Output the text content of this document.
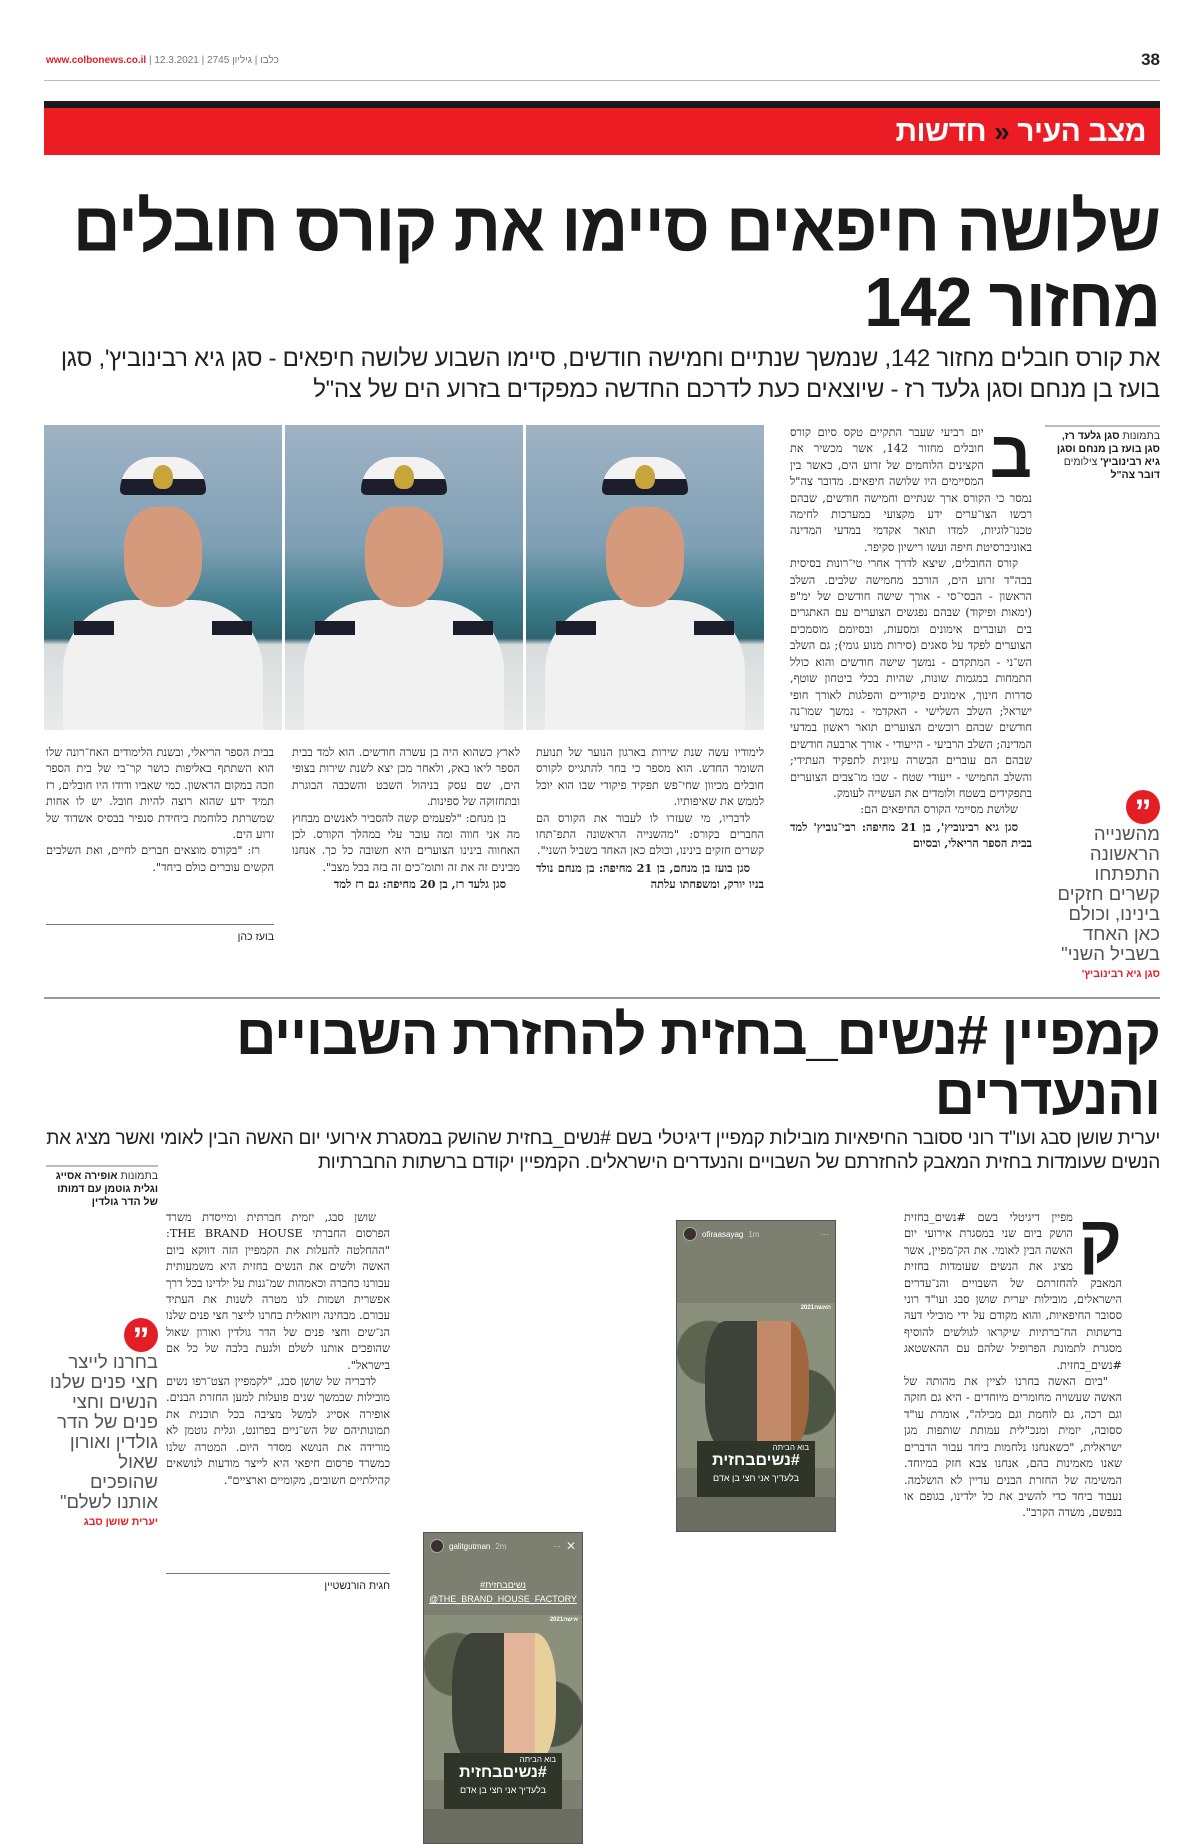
www.colbonews.co.il |	כלבו | גיליון 2745 | 12.3.2021	38
מצב העיר
«
חדשות
שלושה חיפאים סיימו את קורס חובלים מחזור 142
את קורס חובלים מחזור 142, שנמשך שנתיים וחמישה חודשים, סיימו השבוע שלושה חיפאים - סגן גיא רבינוביץ', סגן בועז בן מנחם וסגן גלעד רז - שיוצאים כעת לדרכם החדשה כמפקדים בזרוע הים של צה"ל
ב

יום רביעי שעבר התקיים טקס סיום קורס חובלים מחזור 142, אשר מכשיר את הקצינים הלוחמים של זרוע הים, כאשר בין המסיימים היו שלושה חיפאים. מדובר צה"ל נמסר כי הקורס ארך שנתיים וחמישה חודשים, שבהם רכשו הצו־ערים ידע מקצועי במערכות לחימה טכנו־לוגיות, למדו תואר אקדמי במדעי המדינה באוניברסיטת חיפה ועשו רישיון סקיפר.

קורס החובלים, שיצא לדרך אחרי טי־רונות בסיסית בבה"ד זרוע הים, הורכב מחמישה שלבים. השלב הראשון - הבסי־סי - אורך שישה חודשים של ימ"פ (ימאות ופיקוד) שבהם נפגשים הצוערים עם האתגרים בים ועוברים אימונים ומסעות, ובסיומם מוסמכים הצוערים לפקד על סאגים (סירות מנוע גומי); גם השלב הש־ני - המתקדם - נמשך שישה חודשים והוא כולל התמחות במגמות שונות, שהיות בכלי ביטחון שוטף, סדרות חינוך, אימונים פיקודיים והפלגות לאורך חופי ישראל; השלב השלישי - האקדמי - נמשך שמו־נה חודשים שבהם רוכשים הצוערים תואר ראשון במדעי המדינה; השלב הרביעי - הייעודי - אורך ארבעה חודשים שבהם הם עוברים הכשרה עיונית לתפקיד העתידי; והשלב החמישי - ייעודי שטח - שבו מו־צבים הצוערים בתפקידים בשטח ולומדים את העשייה לעומק.

שלושת מסיימי הקורס החיפאים הם:

סגן גיא רבינוביץ', בן 21 מחיפה: רבי־נוביץ' למד בבית הספר הריאלי, ובסיום

בתמונות סגן גלעד רז, סגן בועז בן מנחם וסגן גיא רבינוביץ' צילומים דובר צה"ל
”
מהשנייה הראשונה התפתחו קשרים חזקים בינינו, וכולם כאן האחד בשביל השני"
סגן גיא רבינוביץ'

לימודיו עשה שנת שירות בארגון הנוער של תנועת השומר החדש. הוא מספר כי בחר להתגייס לקורס חובלים מכיוון שחי־פש תפקיד פיקודי שבו הוא יוכל לממש את שאיפותיו.

לדבריו, מי שעזרו לו לעבור את הקורס הם החברים בקורס: "מהשנייה הראשונה התפ־תחו קשרים חזקים בינינו, וכולם כאן האחד בשביל השני".

סגן בועז בן מנחם, בן 21 מחיפה: בן מנחם נולד בניו יורק, ומשפחתו עלתה

לארץ כשהוא היה בן עשרה חודשים. הוא למד בבית הספר ליאו באק, ולאחר מכן יצא לשנת שירות בצופי הים, שם עסק בניהול השבט והשכבה הבוגרת ובתחזוקה של ספינות.

בן מנחם: "לפעמים קשה להסביר לאנשים מבחוץ מה אני חווה ומה עובר עלי במהלך הקורס. לכן האחווה בינינו הצוערים היא חשובה כל כך. אנחנו מבינים זה את זה ותומ־כים זה בזה בכל מצב".

סגן גלעד רז, בן 20 מחיפה: גם רז למד

בבית הספר הריאלי, ובשנת הלימודים האח־רונה שלו הוא השתתף באליפות כושר קר־בי של בית הספר וזכה במקום הראשון. כמי שאביו ודודו היו חובלים, רז תמיד ידע שהוא רוצה להיות חובל. יש לו אחות שמשרתת כלוחמת ביחידת סנפיר בבסיס אשדוד של זרוע הים.

רז: "בקורס מוצאים חברים לחיים, ואת השלבים הקשים עוברים כולם ביחד".

בועז כהן
קמפיין #נשים_בחזית להחזרת השבויים והנעדרים
יערית שושן סבג ועו"ד רוני ססובר החיפאיות מובילות קמפיין דיגיטלי בשם #נשים_בחזית שהושק במסגרת אירועי יום האשה הבין לאומי ואשר מציג את הנשים שעומדות בחזית המאבק להחזרתם של השבויים והנעדרים הישראלים. הקמפיין יקודם ברשתות החברתיות
ק

מפיין דיגיטלי בשם #נשים_בחזית הושק ביום שני במסגרת אירועי יום האשה הבין לאומי. את הק־מפיין, אשר מציג את הנשים שעומדות בחזית המאבק להחזרתם של השבויים והנ־עדרים הישראלים, מובילות יערית שושן סבג ועו"ד רוני ססובר החיפאיות, והוא מקודם על ידי מובילי דעה ברשתות הח־ברתיות שיקראו לגולשים להוסיף מסגרת לתמונת הפרופיל שלהם עם ההאשטאג #נשים_בחזית.

"ביום האשה בחרנו לציין את מהותה של האשה שעשויה מחומרים מיוחדים - היא גם חזקה וגם רכה, גם לוחמת וגם מכילה", אומרת עו"ד ססובה, יזמית ומנכ"לית עמותת שותפות מגן ישראלית, "כשאנחנו נלחמות ביחד עבור הדברים שאנו מאמינות בהם, אנחנו צבא חזק במיוחד. המשימה של החזרת הבנים עדיין לא הושלמה. נעבוד ביחד כדי להשיב את כל ילדינו, בגופם או בנפשם, משדה הקרב".

2021האשה
ofiraasayag 1m	···
בוא הביתה
#נשיםבחזית
בלעדיך אני חצי בן אדם
אישה2021
galitgutman 2m	··· ✕
#נשיםבחזית
@THE_BRAND_HOUSE_FACTORY
בוא הביתה
#נשיםבחזית
בלעדיך אני חצי בן אדם

שושן סבג, יזמית חברתית ומייסדת משרד הפרסום החברתי THE BRAND HOUSE: "ההחלטה להעלות את הקמפיין הזה דווקא ביום האשה ולשים את הנשים בחזית היא משמעותית עבורנו כחברה וכאמהות שמ־גנות על ילדינו בכל דרך אפשרית ושמות לנו מטרה לשנות את העתיד עבורם. מבחינה ויזואלית בחרנו לייצר חצי פנים שלנו הנ־שים וחצי פנים של הדר גולדין ואורון שאול שהופכים אותנו לשלם ולגעת בלבה של כל אם בישראל".

לדבריה של שושן סבג, "לקמפיין הצט־רפו נשים מובילות שבמשך שנים פועלות למען החזרת הבנים. אופירה אסייג למשל מציבה בכל תוכנית את תמונותיהם של הש־ניים בפרונט, וגלית גוטמן לא מורידה את הנושא מסדר היום. המטרה שלנו כמשרד פרסום חיפאי היא לייצר מודעות לנושאים קהילתיים חשובים, מקומיים וארציים".

חגית הורנשטיין
בתמונות אופירה אסייג וגלית גוטמן עם דמותו של הדר גולדין
”
בחרנו לייצר חצי פנים שלנו הנשים וחצי פנים של הדר גולדין ואורון שאול שהופכים אותנו לשלם"
יערית שושן סבג
